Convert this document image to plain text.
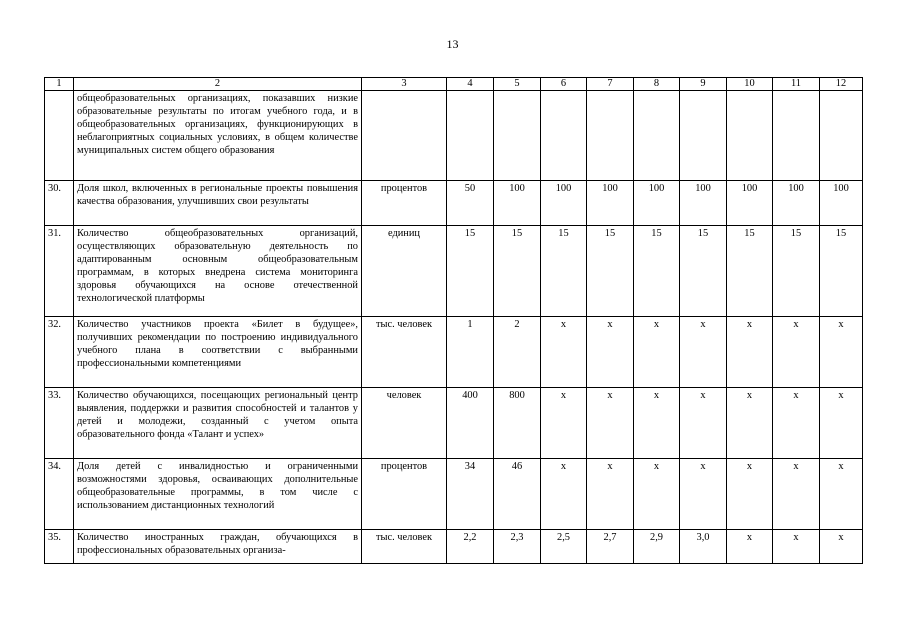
13
1	2	3	4	5	6	7	8	9	10	11	12
	общеобразовательных организациях, показавших низкие образовательные результаты по итогам учебного года, и в общеобразовательных организациях, функционирующих в неблагоприятных социальных условиях, в общем количестве муниципальных систем общего образования										
30.	Доля школ, включенных в региональные проекты повышения качества образования, улучшивших свои результаты	процентов	50	100	100	100	100	100	100	100	100
31.	Количество общеобразовательных организаций, осуществляющих образовательную деятельность по адаптированным основным общеобразовательным программам, в которых внедрена система мониторинга здоровья обучающихся на основе отечественной технологической платформы	единиц	15	15	15	15	15	15	15	15	15
32.	Количество участников проекта «Билет в будущее», получивших рекомендации по построению индивидуального учебного плана в соответствии с выбранными профессиональными компетенциями	тыс. человек	1	2	x	x	x	x	x	x	x
33.	Количество обучающихся, посещающих региональный центр выявления, поддержки и развития способностей и талантов у детей и молодежи, созданный с учетом опыта образовательного фонда «Талант и успех»	человек	400	800	x	x	x	x	x	x	x
34.	Доля детей с инвалидностью и ограниченными возможностями здоровья, осваивающих дополнительные общеобразовательные программы, в том числе с использованием дистанционных технологий	процентов	34	46	x	x	x	x	x	x	x
35.	Количество иностранных граждан, обучающихся в профессиональных образовательных организа-	тыс. человек	2,2	2,3	2,5	2,7	2,9	3,0	x	x	x
